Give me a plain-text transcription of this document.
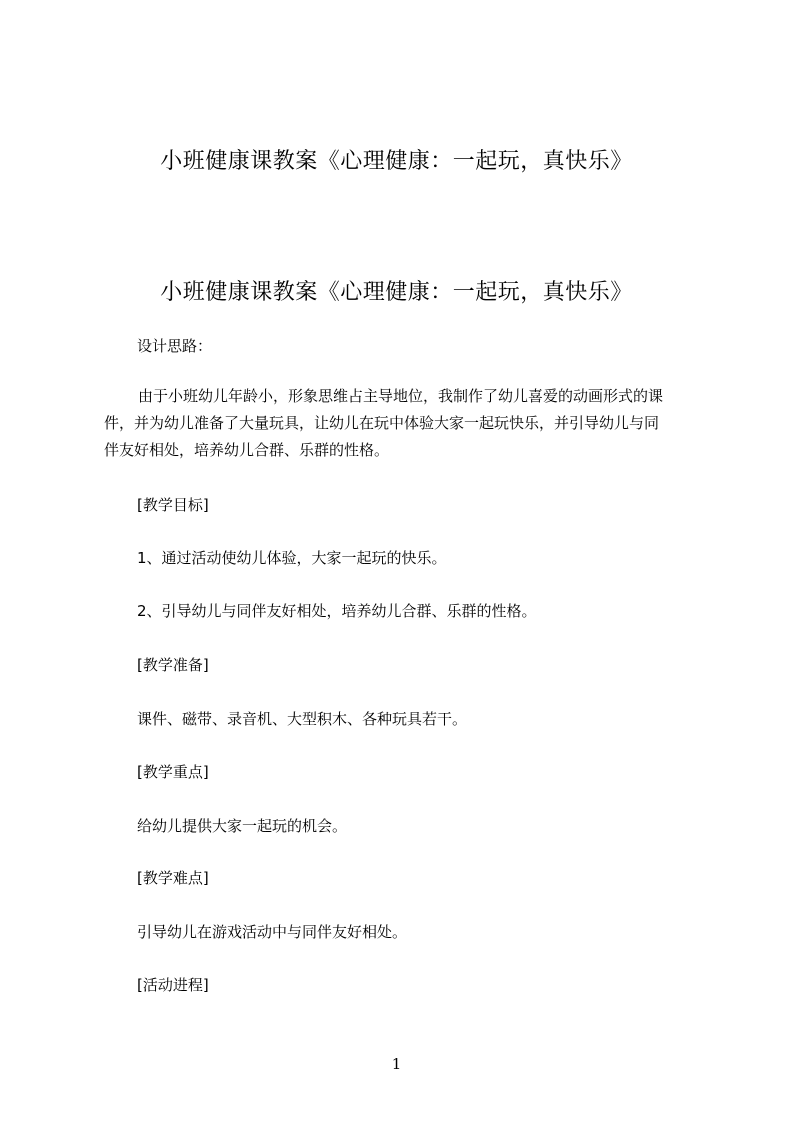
小班健康课教案《心理健康：一起玩，真快乐》
小班健康课教案《心理健康：一起玩，真快乐》

设计思路：

由于小班幼儿年龄小，形象思维占主导地位，我制作了幼儿喜爱的动画形式的课
件，并为幼儿准备了大量玩具，让幼儿在玩中体验大家一起玩快乐，并引导幼儿与同
伴友好相处，培养幼儿合群、乐群的性格。

[教学目标]

1、通过活动使幼儿体验，大家一起玩的快乐。

2、引导幼儿与同伴友好相处，培养幼儿合群、乐群的性格。

[教学准备]

课件、磁带、录音机、大型积木、各种玩具若干。

[教学重点]

给幼儿提供大家一起玩的机会。

[教学难点]

引导幼儿在游戏活动中与同伴友好相处。

[活动进程]

1
